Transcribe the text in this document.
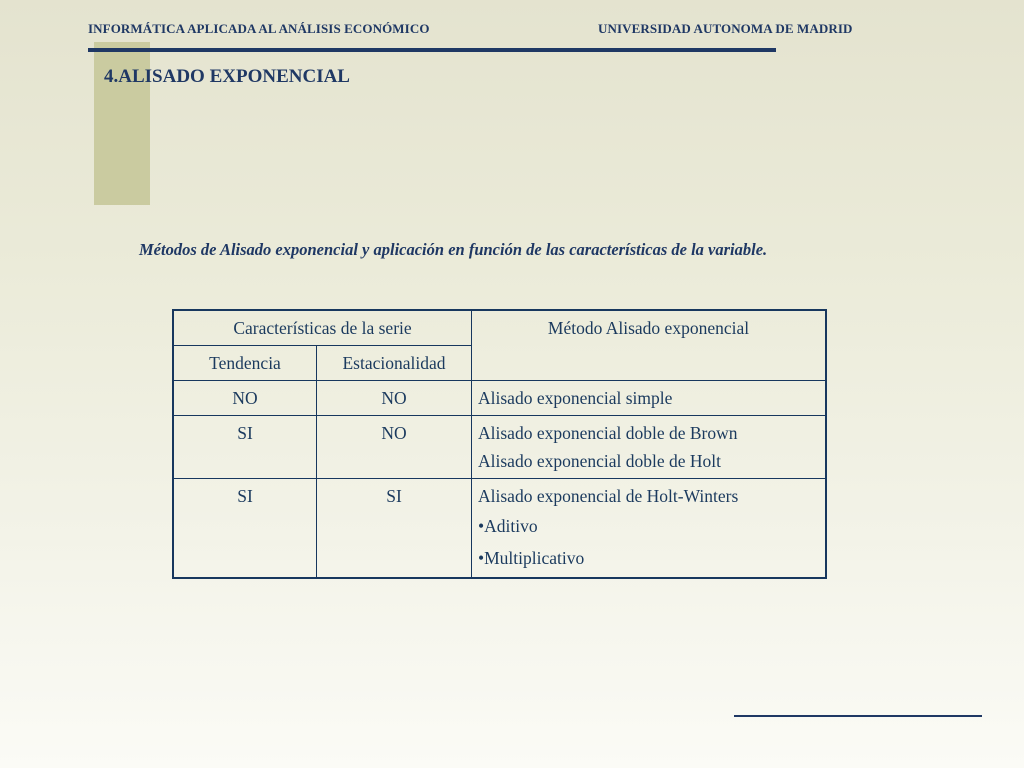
INFORMÁTICA APLICADA AL ANÁLISIS ECONÓMICO	UNIVERSIDAD AUTONOMA DE MADRID
4.ALISADO EXPONENCIAL
Métodos de Alisado exponencial y aplicación en función de las características de la variable.
Características de la serie		Método Alisado exponencial
Tendencia	Estacionalidad	
NO	NO	Alisado exponencial simple

SI	NO	Alisado exponencial doble de Brown
Alisado exponencial doble de Holt

SI	SI	Alisado exponencial de Holt-Winters
•Aditivo
•Multiplicativo
